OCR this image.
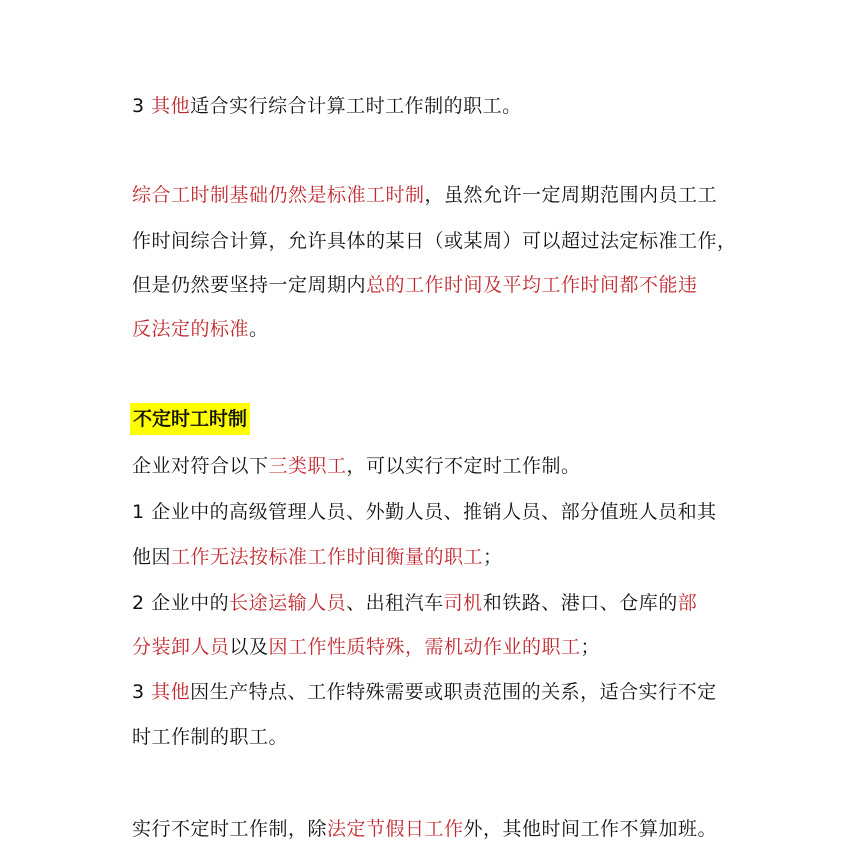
3 其他适合实行综合计算工时工作制的职工。
综合工时制基础仍然是标准工时制，虽然允许一定周期范围内员工工
作时间综合计算，允许具体的某日（或某周）可以超过法定标准工作，
但是仍然要坚持一定周期内总的工作时间及平均工作时间都不能违
反法定的标准。
不定时工时制
企业对符合以下三类职工，可以实行不定时工作制。
1 企业中的高级管理人员、外勤人员、推销人员、部分值班人员和其
他因工作无法按标准工作时间衡量的职工；
2 企业中的长途运输人员、出租汽车司机和铁路、港口、仓库的部
分装卸人员以及因工作性质特殊，需机动作业的职工；
3 其他因生产特点、工作特殊需要或职责范围的关系，适合实行不定
时工作制的职工。
实行不定时工作制，除法定节假日工作外，其他时间工作不算加班。
